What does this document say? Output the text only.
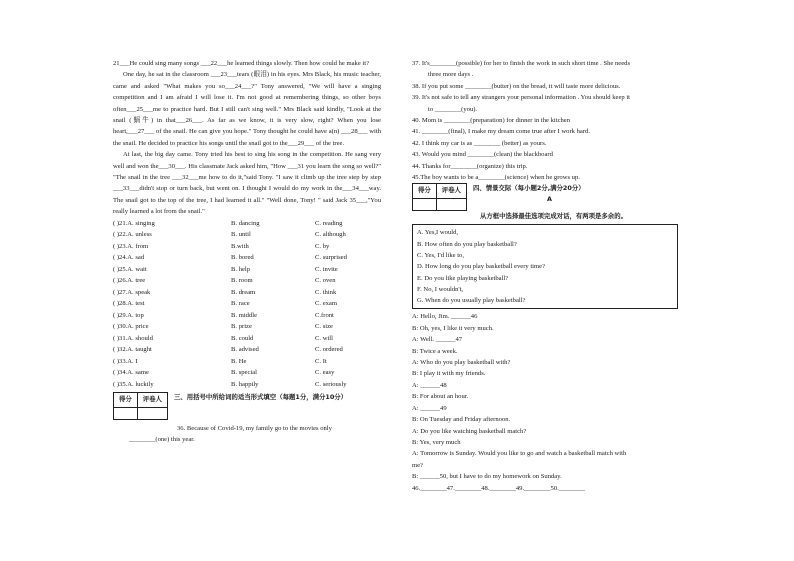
21___He could sing many songs ___22___he learned things slowly. Then how could he make it?

One day, he sat in the classroom ___23___tears (眼泪) in his eyes. Mrs Black, his music teacher, came and asked "What makes you so___24___?" Tony answered, "We will have a singing competition and I am afraid I will lose it. I'm not good at remembering things, so other boys often___25___me to practice hard. But I still can't sing well." Mrs Black said kindly, "Look at the snail (蜗牛) in that___26___. As far as we know, it is very slow, right? When you lose heart,___27___ of the snail. He can give you hope." Tony thought he could have a(n) ___28___ with the snail. He decided to practice his songs until the snail got to the___29___ of the tree.

At last, the big day came. Tony tried his best to sing his song in the competition. He sang very well and won the___30___. His classmate Jack asked him, "How ___31 you learn the song so well?" "The snail in the tree ___32___me how to do it,"said Tony. "I saw it climb up the tree step by step ___33___didn't stop or turn back, but went on. I thought I would do my work in the___34___way. The snail got to the top of the tree, I had learned it all." "Well done, Tony! " said Jack 35___,"You really learned a lot from the snail."

( )21.A. singing	B. dancing	C. reading
( )22.A. unless	B. until	C. although
( )23.A. from	B.with	C. by
( )24.A. sad	B. bored	C. surprised
( )25.A. wait	B. help	C. invite
( )26.A. tree	B. room	C. oven
( )27.A. speak	B. dream	C. think
( )28.A. test	B. race	C. exam
( )29.A. top	B. middle	C.front
( )30.A. price	B. prize	C. size
( )31.A. should	B. could	C. will
( )32.A. taught	B. advised	C. ordered
( )33.A. I	B. He	C. It
( )34.A. same	B. special	C. easy
( )35.A. luckily	B. happily	C. seriously
得分	评卷人
		三、用括号中所给词的适当形式填空（每题1分，满分10分）

36. Because of Covid-19, my family go to the movies only

________(one) this year.

37. It's________(possible) for her to finish the work in such short time . She needs

three more days .

38. If you put some ________(butter) on the bread, it will taste more delicious.

39. It's not safe to tell any strangers your personal information . You should keep it

to ________(you).

40. Mom is ________(preparation) for dinner in the kitchen

41. ________(final), I make my dream come true after I work hard.

42. I think my car is as ________ (better) as yours.

43. Would you mind ________(clean) the blackboard

44. Thanks for________(organize) this trip.

45.The boy wants to be a________(science) when he grows up.

得分	评卷人
		四、情景交际（每小题2分,满分20分）
A

从方框中选择最佳选项完成对话，有两项是多余的。

A. Yes,I would,

B. How often do you play basketball?

C. Yes, I'd like to,

D. How long do you play basketball every time?

E. Do you like playing basketball?

F. No, I wouldn't,

G. When do you usually play basketball?

A: Hello, Jim. ______46

B: Oh, yes, I like it very much.

A: Well. ______47

B: Twice a week.

A: Who do you play basketball with?

B: I play it with my friends.

A: ______48

B: For about an hour.

A: ______49

B: On Tuesday and Friday afternoon.

A: Do you like watching basketball match?

B: Yes, very much

A: Tomorrow is Sunday. Would you like to go and watch a basketball match with

me?

B: ______50, but I have to do my homework on Sunday.

46.________47.________48.________49.________50.________
